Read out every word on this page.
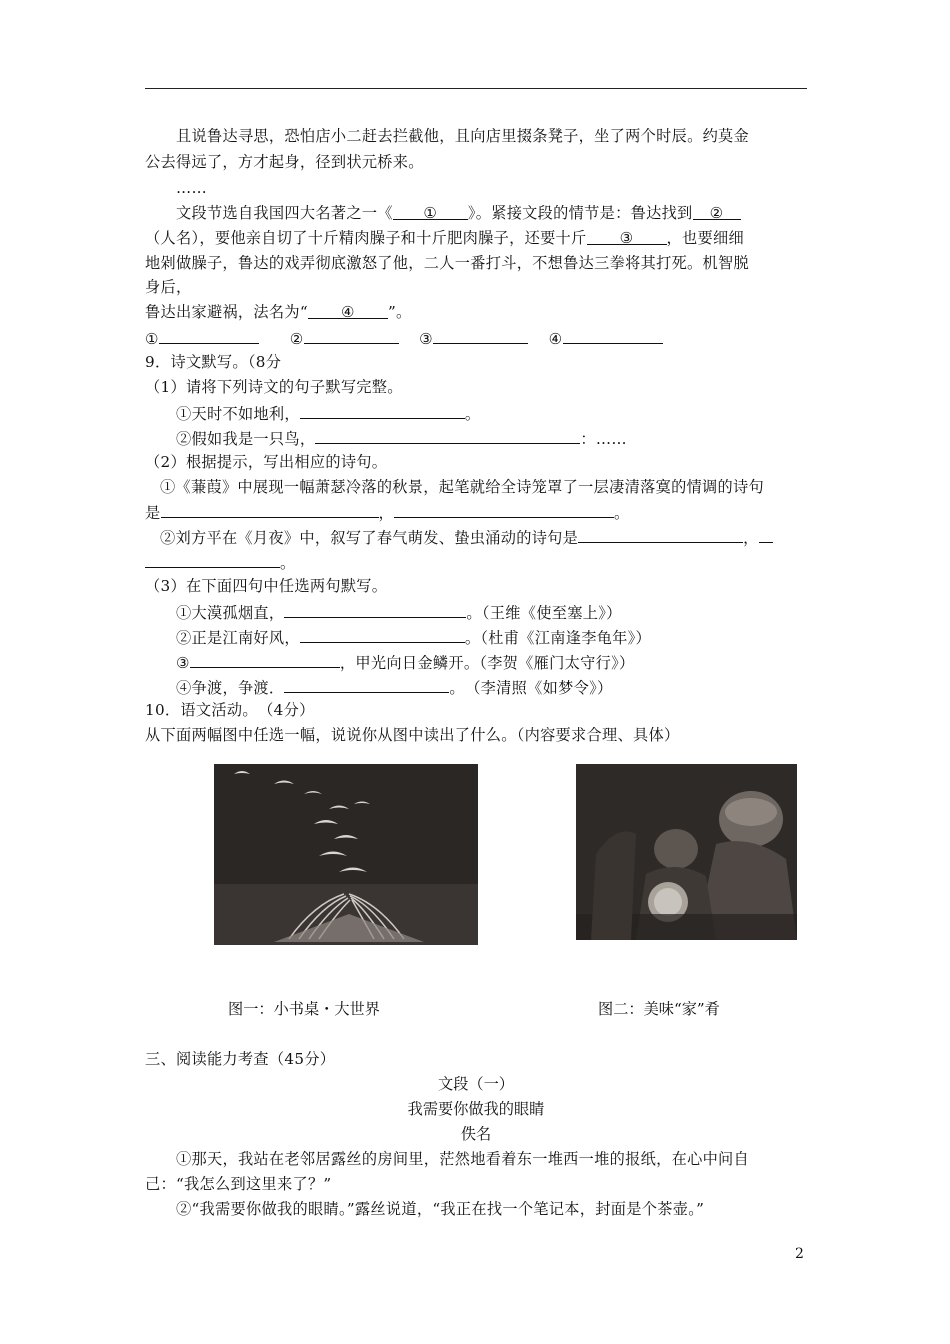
且说鲁达寻思，恐怕店小二赶去拦截他，且向店里掇条凳子，坐了两个时辰。约莫金
公去得远了，方才起身，径到状元桥来。
……
文段节选自我国四大名著之一《 ① 》。紧接文段的情节是：鲁达找到 ②
（人名），要他亲自切了十斤精肉臊子和十斤肥肉臊子，还要十斤 ③ ，也要细细
地剁做臊子，鲁达的戏弄彻底激怒了他，二人一番打斗，不想鲁达三拳将其打死。机智脱
身后，
鲁达出家避祸，法名为“ ④ ”。
①	②	③	④
9．诗文默写。（8分
（1）请将下列诗文的句子默写完整。
①天时不如地利，	。
②假如我是一只鸟，	：……
（2）根据提示，写出相应的诗句。
①《蒹葭》中展现一幅萧瑟冷落的秋景，起笔就给全诗笼罩了一层凄清落寞的情调的诗句
是	，	。
②刘方平在《月夜》中，叙写了春气萌发、蛰虫涌动的诗句是	，
。
（3）在下面四句中任选两句默写。
①大漠孤烟直，	。（王维《使至塞上》）
②正是江南好风，	。（杜甫《江南逢李龟年》）
③	，甲光向日金鳞开。（李贺《雁门太守行》）
④争渡，争渡．	。　（李清照《如梦令》）
10．语文活动。　（4分）
从下面两幅图中任选一幅，说说你从图中读出了什么。（内容要求合理、具体）
图一：小书桌・大世界	图二：美味“家”肴
三、阅读能力考查（45分）
文段（一）
我需要你做我的眼睛
佚名
①那天，我站在老邻居露丝的房间里，茫然地看着东一堆西一堆的报纸，在心中问自
己：“我怎么到这里来了？”
②“我需要你做我的眼睛。”露丝说道，“我正在找一个笔记本，封面是个茶壶。”
2
